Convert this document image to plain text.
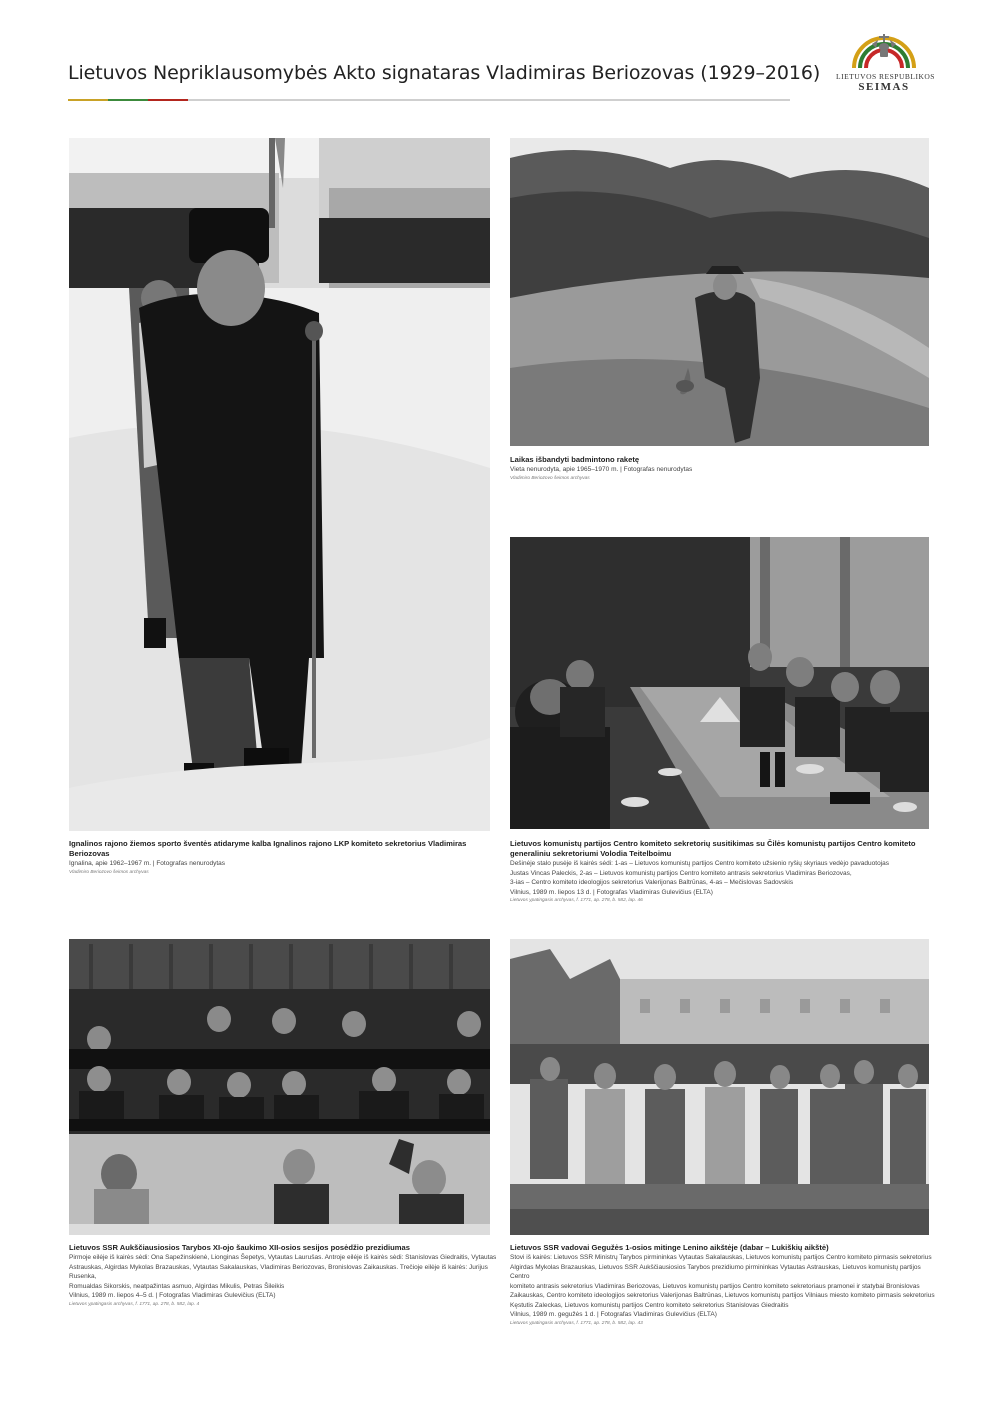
Lietuvos Nepriklausomybės Akto signataras Vladimiras Beriozovas (1929–2016) LIETUVOS RESPUBLIKOS
SEIMAS
Ignalinos rajono žiemos sporto šventės atidaryme kalba Ignalinos rajono LKP komiteto sekretorius Vladimiras Beriozovas
Ignalina, apie 1962–1967 m. | Fotografas nenurodytas
Vladimiro Beriozovo šeimos archyvas
Laikas išbandyti badmintono raketę
Vieta nenurodyta, apie 1965–1970 m. | Fotografas nenurodytas
Vladimiro Beriozovo šeimos archyvas
Lietuvos komunistų partijos Centro komiteto sekretorių susitikimas su Čilės komunistų partijos Centro komiteto generaliniu sekretoriumi Volodia Teitelboimu
Dešinėje stalo pusėje iš kairės sėdi: 1-as – Lietuvos komunistų partijos Centro komiteto užsienio ryšių skyriaus vedėjo pavaduotojas
Justas Vincas Paleckis, 2-as – Lietuvos komunistų partijos Centro komiteto antrasis sekretorius Vladimiras Beriozovas,
3-ias – Centro komiteto ideologijos sekretorius Valerijonas Baltrūnas, 4-as – Mečislovas Sadovskis
Vilnius, 1989 m. liepos 13 d. | Fotografas Vladimiras Gulevičius (ELTA)
Lietuvos ypatingasis archyvas, f. 1771, ap. 278, b. 582, lap. 46
Lietuvos SSR Aukščiausiosios Tarybos XI-ojo šaukimo XII-osios sesijos posėdžio prezidiumas
Pirmoje eilėje iš kairės sėdi: Ona Sapežinskienė, Lionginas Šepetys, Vytautas Laurušas. Antroje eilėje iš kairės sėdi: Stanislovas Giedraitis, Vytautas
Astrauskas, Algirdas Mykolas Brazauskas, Vytautas Sakalauskas, Vladimiras Beriozovas, Bronislovas Zaikauskas. Trečioje eilėje iš kairės: Jurijus Rusenka,
Romualdas Sikorskis, neatpažintas asmuo, Algirdas Mikulis, Petras Šileikis
Vilnius, 1989 m. liepos 4–5 d. | Fotografas Vladimiras Gulevičius (ELTA)
Lietuvos ypatingasis archyvas, f. 1771, ap. 278, b. 582, lap. 4
Lietuvos SSR vadovai Gegužės 1-osios mitinge Lenino aikštėje (dabar – Lukiškių aikštė)
Stovi iš kairės: Lietuvos SSR Ministrų Tarybos pirmininkas Vytautas Sakalauskas, Lietuvos komunistų partijos Centro komiteto pirmasis sekretorius
Algirdas Mykolas Brazauskas, Lietuvos SSR Aukščiausiosios Tarybos prezidiumo pirmininkas Vytautas Astrauskas, Lietuvos komunistų partijos Centro
komiteto antrasis sekretorius Vladimiras Beriozovas, Lietuvos komunistų partijos Centro komiteto sekretoriaus pramonei ir statybai Bronislovas
Zaikauskas, Centro komiteto ideologijos sekretorius Valerijonas Baltrūnas, Lietuvos komunistų partijos Vilniaus miesto komiteto pirmasis sekretorius
Kęstutis Zaleckas, Lietuvos komunistų partijos Centro komiteto sekretorius Stanislovas Giedraitis
Vilnius, 1989 m. gegužės 1 d. | Fotografas Vladimiras Gulevičius (ELTA)
Lietuvos ypatingasis archyvas, f. 1771, ap. 278, b. 582, lap. 43
